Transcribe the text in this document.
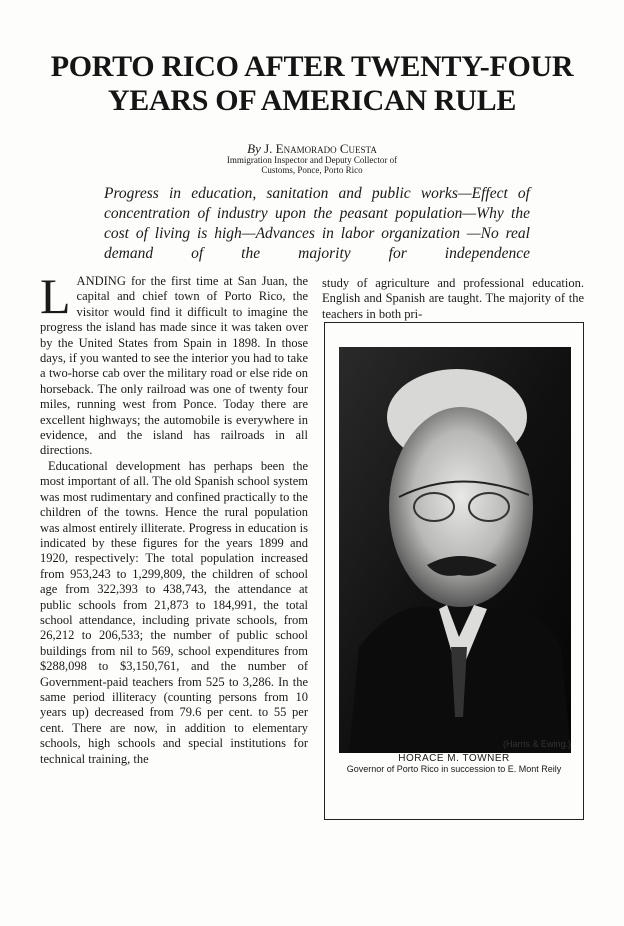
PORTO RICO AFTER TWENTY-FOUR YEARS OF AMERICAN RULE
By J. Enamorado Cuesta
Immigration Inspector and Deputy Collector of
Customs, Ponce, Porto Rico
Progress in education, sanitation and public works—Effect of concentration of industry upon the peasant population—Why the cost of living is high—Advances in labor organization —No real demand of the majority for independence

LANDING for the first time at San Juan, the capital and chief town of Porto Rico, the visitor would find it difficult to imagine the progress the island has made since it was taken over by the United States from Spain in 1898. In those days, if you wanted to see the interior you had to take a two-horse cab over the military road or else ride on horseback. The only railroad was one of twenty four miles, running west from Ponce. Today there are excellent highways; the automobile is everywhere in evidence, and the island has railroads in all directions.

Educational development has perhaps been the most important of all. The old Spanish school system was most rudimentary and confined practically to the children of the towns. Hence the rural population was almost entirely illiterate. Progress in education is indicated by these figures for the years 1899 and 1920, respectively: The total population increased from 953,243 to 1,299,809, the children of school age from 322,393 to 438,743, the attendance at public schools from 21,873 to 184,991, the total school attendance, including private schools, from 26,212 to 206,533; the number of public school buildings from nil to 569, school expenditures from $288,098 to $3,150,761, and the number of Government-paid teachers from 525 to 3,286. In the same period illiteracy (counting persons from 10 years up) decreased from 79.6 per cent. to 55 per cent. There are now, in addition to elementary schools, high schools and special institutions for technical training, the

study of agriculture and professional education. English and Spanish are taught. The majority of the teachers in both pri-

(Harris & Ewing.)
HORACE M. TOWNER
Governor of Porto Rico in succession to E. Mont Reily
